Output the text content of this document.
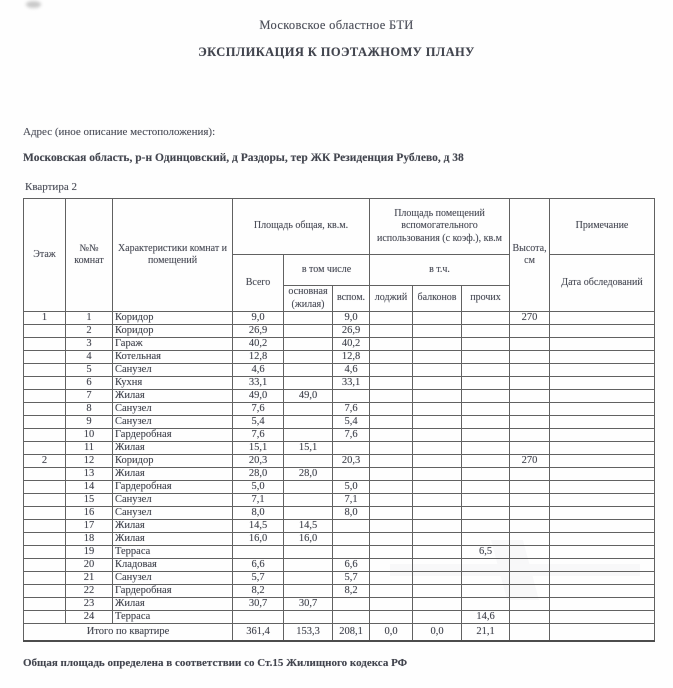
Московское областное БТИ
ЭКСПЛИКАЦИЯ К ПОЭТАЖНОМУ ПЛАНУ
Адрес (иное описание местоположения):
Московская область, р-н Одинцовский, д Раздоры, тер ЖК Резиденция Рублево, д 38
Квартира 2
Этаж	№№ комнат	Характеристики комнат и помещений	Площадь общая, кв.м.			Площадь помещений вспомогательного использования (с коэф.), кв.м			Высота, см	Примечание
			Всего	в том числе		в т.ч.				Дата обследований
				основная (жилая)	вспом.	лоджий	балконов	прочих		
1	1	Коридор	9,0		9,0				270	
	2	Коридор	26,9		26,9					
	3	Гараж	40,2		40,2					
	4	Котельная	12,8		12,8					
	5	Санузел	4,6		4,6					
	6	Кухня	33,1		33,1					
	7	Жилая	49,0	49,0						
	8	Санузел	7,6		7,6					
	9	Санузел	5,4		5,4					
	10	Гардеробная	7,6		7,6					
	11	Жилая	15,1	15,1						
2	12	Коридор	20,3		20,3				270	
	13	Жилая	28,0	28,0						
	14	Гардеробная	5,0		5,0					
	15	Санузел	7,1		7,1					
	16	Санузел	8,0		8,0					
	17	Жилая	14,5	14,5						
	18	Жилая	16,0	16,0						
	19	Терраса						6,5		
	20	Кладовая	6,6		6,6					
	21	Санузел	5,7		5,7					
	22	Гардеробная	8,2		8,2					
	23	Жилая	30,7	30,7						
	24	Терраса						14,6		
Итого по квартире			361,4	153,3	208,1	0,0	0,0	21,1		
Общая площадь определена в соответствии со Ст.15 Жилищного кодекса РФ
